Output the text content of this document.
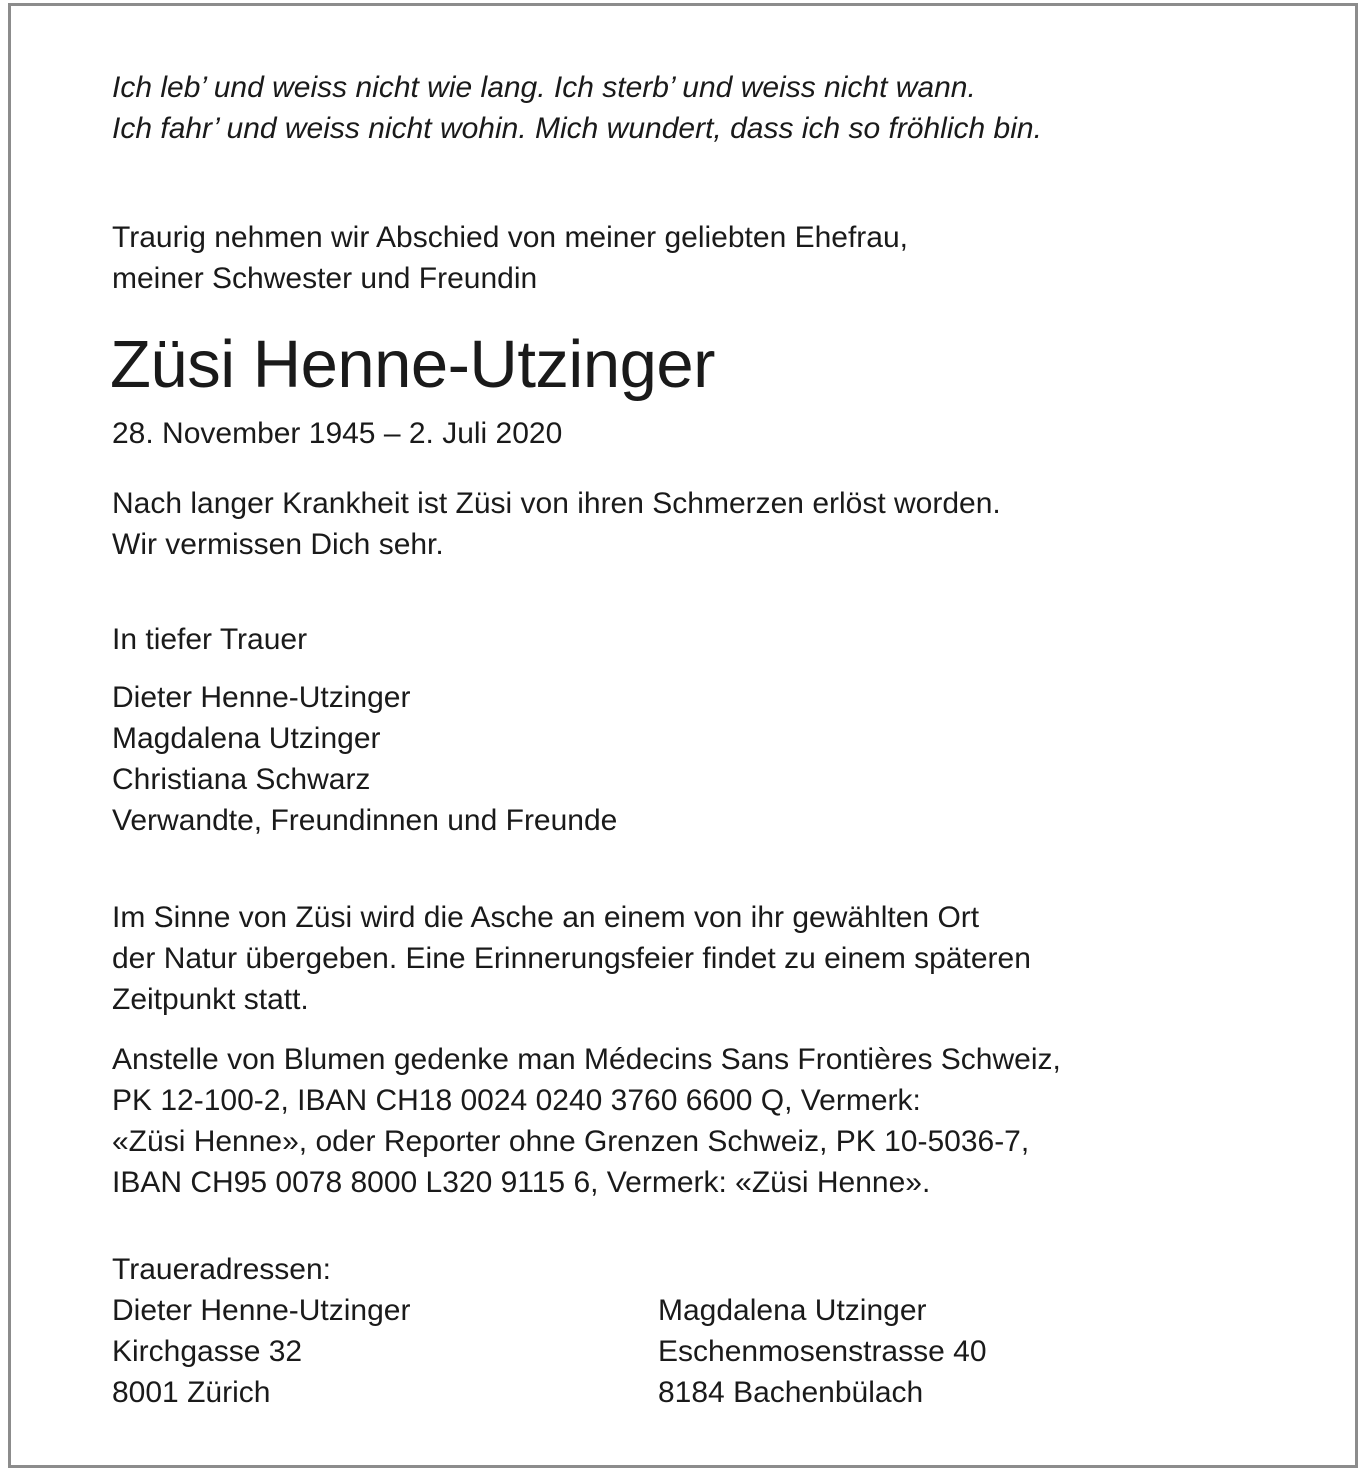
Ich leb’ und weiss nicht wie lang. Ich sterb’ und weiss nicht wann.

Ich fahr’ und weiss nicht wohin. Mich wundert, dass ich so fröhlich bin.

Traurig nehmen wir Abschied von meiner geliebten Ehefrau,

meiner Schwester und Freundin

Züsi Henne-Utzinger
28. November 1945 – 2. Juli 2020

Nach langer Krankheit ist Züsi von ihren Schmerzen erlöst worden.

Wir vermissen Dich sehr.

In tiefer Trauer

Dieter Henne-Utzinger

Magdalena Utzinger

Christiana Schwarz

Verwandte, Freundinnen und Freunde

Im Sinne von Züsi wird die Asche an einem von ihr gewählten Ort

der Natur übergeben. Eine Erinnerungsfeier findet zu einem späteren

Zeitpunkt statt.

Anstelle von Blumen gedenke man Médecins Sans Frontières Schweiz,

PK 12-100-2, IBAN CH18 0024 0240 3760 6600 Q, Vermerk:

«Züsi Henne», oder Reporter ohne Grenzen Schweiz, PK 10-5036-7,

IBAN CH95 0078 8000 L320 9115 6, Vermerk: «Züsi Henne».

Traueradressen:

Dieter Henne-Utzinger

Kirchgasse 32

8001 Zürich

Magdalena Utzinger

Eschenmosenstrasse 40

8184 Bachenbülach
